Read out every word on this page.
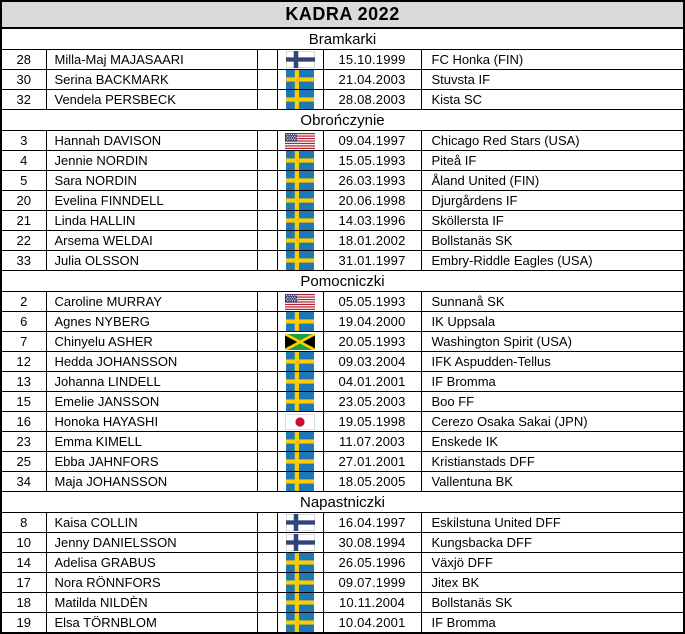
KADRA 2022					
Bramkarki					
28	Milla-Maj MAJASAARI			15.10.1999	FC Honka (FIN)
30	Serina BACKMARK			21.04.2003	Stuvsta IF
32	Vendela PERSBECK			28.08.2003	Kista SC
Obrończynie					
3	Hannah DAVISON			09.04.1997	Chicago Red Stars (USA)
4	Jennie NORDIN			15.05.1993	Piteå IF
5	Sara NORDIN			26.03.1993	Åland United (FIN)
20	Evelina FINNDELL			20.06.1998	Djurgårdens IF
21	Linda HALLIN			14.03.1996	Sköllersta IF
22	Arsema WELDAI			18.01.2002	Bollstanäs SK
33	Julia OLSSON			31.01.1997	Embry-Riddle Eagles (USA)
Pomocniczki					
2	Caroline MURRAY			05.05.1993	Sunnanå SK
6	Agnes NYBERG			19.04.2000	IK Uppsala
7	Chinyelu ASHER			20.05.1993	Washington Spirit (USA)
12	Hedda JOHANSSON			09.03.2004	IFK Aspudden-Tellus
13	Johanna LINDELL			04.01.2001	IF Bromma
15	Emelie JANSSON			23.05.2003	Boo FF
16	Honoka HAYASHI			19.05.1998	Cerezo Osaka Sakai (JPN)
23	Emma KIMELL			11.07.2003	Enskede IK
25	Ebba JAHNFORS			27.01.2001	Kristianstads DFF
34	Maja JOHANSSON			18.05.2005	Vallentuna BK
Napastniczki					
8	Kaisa COLLIN			16.04.1997	Eskilstuna United DFF
10	Jenny DANIELSSON			30.08.1994	Kungsbacka DFF
14	Adelisa GRABUS			26.05.1996	Växjö DFF
17	Nora RÖNNFORS			09.07.1999	Jitex BK
18	Matilda NILDÈN			10.11.2004	Bollstanäs SK
19	Elsa TÖRNBLOM			10.04.2001	IF Bromma
